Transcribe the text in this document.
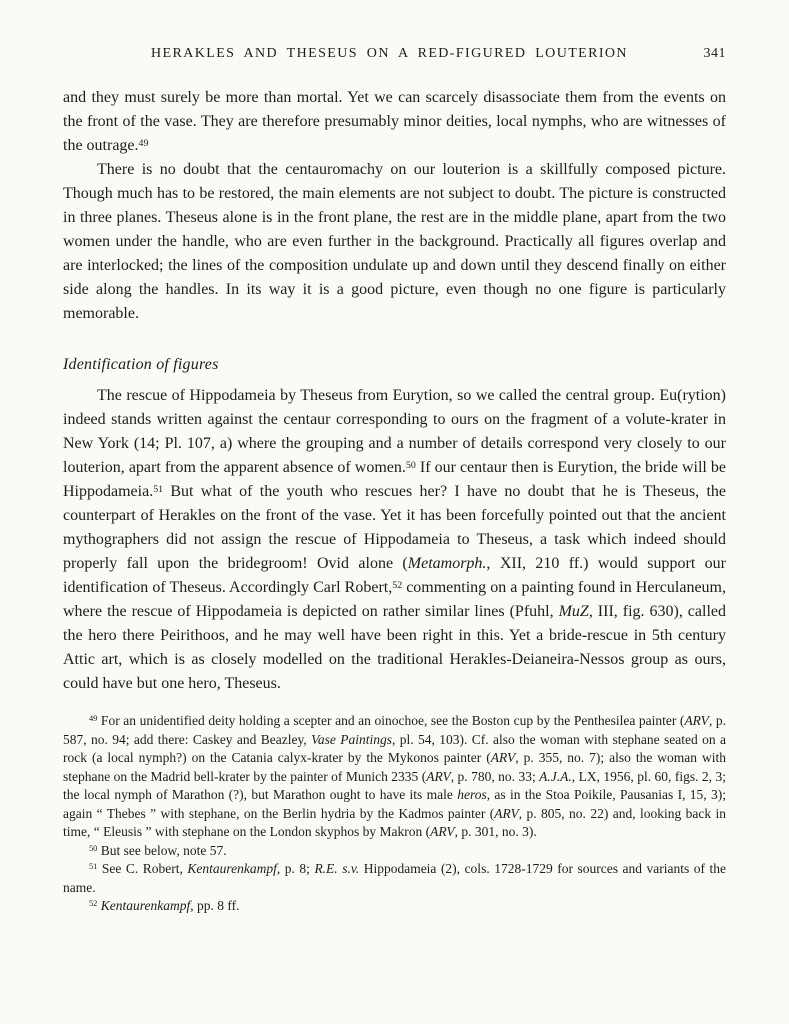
HERAKLES AND THESEUS ON A RED-FIGURED LOUTERION	341

and they must surely be more than mortal. Yet we can scarcely disassociate them from the events on the front of the vase. They are therefore presumably minor deities, local nymphs, who are witnesses of the outrage.$^{49}$

There is no doubt that the centauromachy on our louterion is a skillfully composed picture. Though much has to be restored, the main elements are not subject to doubt. The picture is constructed in three planes. Theseus alone is in the front plane, the rest are in the middle plane, apart from the two women under the handle, who are even further in the background. Practically all figures overlap and are interlocked; the lines of the composition undulate up and down until they descend finally on either side along the handles. In its way it is a good picture, even though no one figure is particularly memorable.

Identification of figures

The rescue of Hippodameia by Theseus from Eurytion, so we called the central group. Eu(rytion) indeed stands written against the centaur corresponding to ours on the fragment of a volute-krater in New York (14; Pl. 107, a) where the grouping and a number of details correspond very closely to our louterion, apart from the apparent absence of women.$^{50}$ If our centaur then is Eurytion, the bride will be Hippodameia.$^{51}$ But what of the youth who rescues her? I have no doubt that he is Theseus, the counterpart of Herakles on the front of the vase. Yet it has been forcefully pointed out that the ancient mythographers did not assign the rescue of Hippodameia to Theseus, a task which indeed should properly fall upon the bridegroom! Ovid alone (Metamorph., XII, 210 ff.) would support our identification of Theseus. Accordingly Carl Robert,$^{52}$ commenting on a painting found in Herculaneum, where the rescue of Hippodameia is depicted on rather similar lines (Pfuhl, MuZ, III, fig. 630), called the hero there Peirithoos, and he may well have been right in this. Yet a bride-rescue in 5th century Attic art, which is as closely modelled on the traditional Herakles-Deianeira-Nessos group as ours, could have but one hero, Theseus.

$^{49}$ For an unidentified deity holding a scepter and an oinochoe, see the Boston cup by the Penthesilea painter (ARV, p. 587, no. 94; add there: Caskey and Beazley, Vase Paintings, pl. 54, 103). Cf. also the woman with stephane seated on a rock (a local nymph?) on the Catania calyx-krater by the Mykonos painter (ARV, p. 355, no. 7); also the woman with stephane on the Madrid bell-krater by the painter of Munich 2335 (ARV, p. 780, no. 33; A.J.A., LX, 1956, pl. 60, figs. 2, 3; the local nymph of Marathon (?), but Marathon ought to have its male heros, as in the Stoa Poikile, Pausanias I, 15, 3); again “ Thebes ” with stephane, on the Berlin hydria by the Kadmos painter (ARV, p. 805, no. 22) and, looking back in time, “ Eleusis ” with stephane on the London skyphos by Makron (ARV, p. 301, no. 3).

$^{50}$ But see below, note 57.

$^{51}$ See C. Robert, Kentaurenkampf, p. 8; R.E. s.v. Hippodameia (2), cols. 1728-1729 for sources and variants of the name.

$^{52}$ Kentaurenkampf, pp. 8 ff.
